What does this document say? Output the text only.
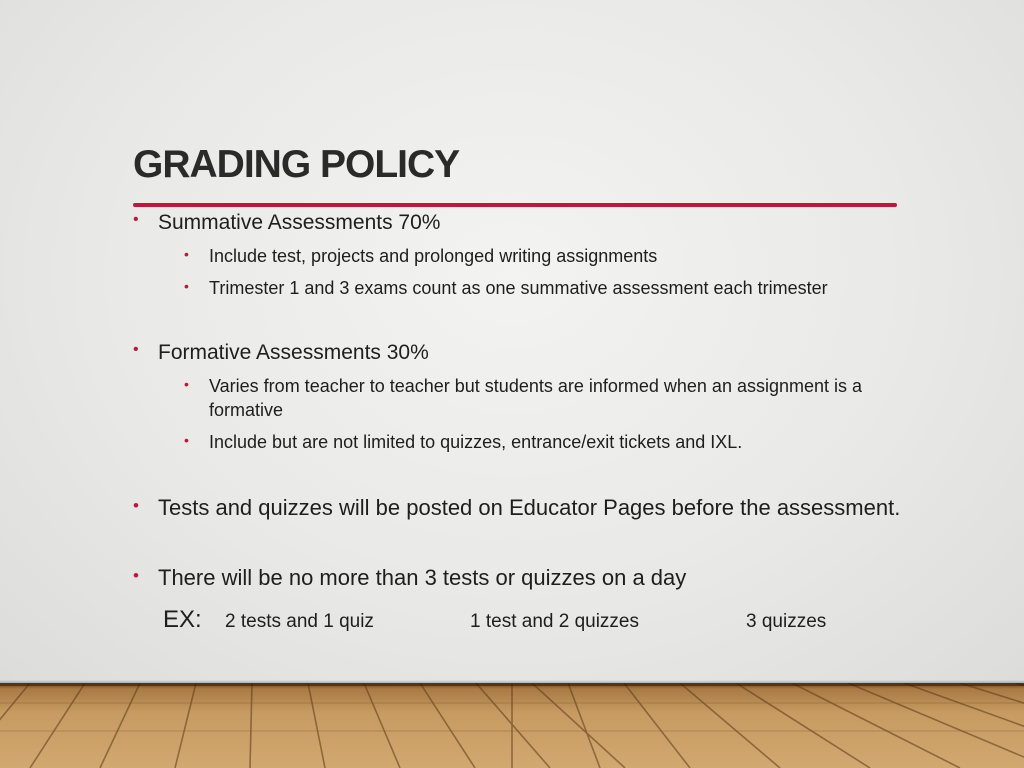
GRADING POLICY
• Summative Assessments 70%
• Include test, projects and prolonged writing assignments
• Trimester 1 and 3 exams count as one summative assessment each trimester
• Formative Assessments 30%
• Varies from teacher to teacher but students are informed when an assignment is a
formative
• Include but are not limited to quizzes, entrance/exit tickets and IXL.
• Tests and quizzes will be posted on Educator Pages before the assessment.
• There will be no more than 3 tests or quizzes on a day
EX: 2 tests and 1 quiz	1 test and 2 quizzes	3 quizzes
